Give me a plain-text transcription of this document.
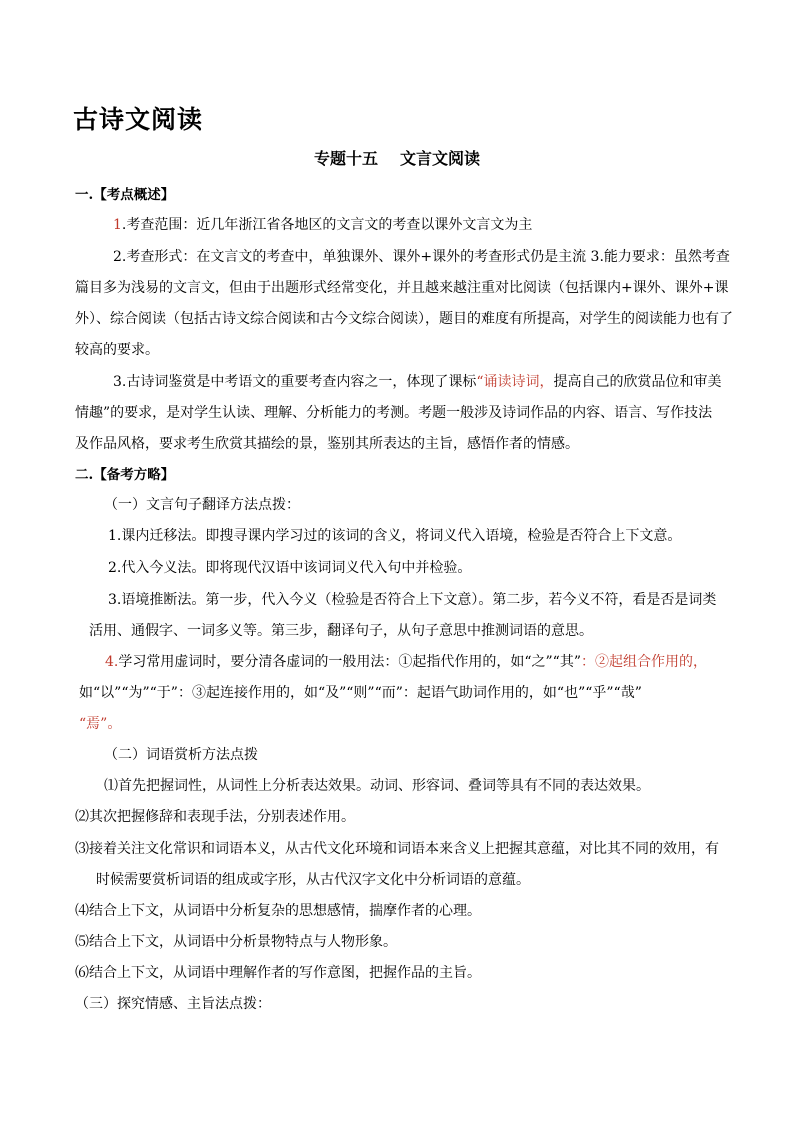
古诗文阅读
专题十五 文言文阅读
一.【考点概述】
1.考查范围：近几年浙江省各地区的文言文的考查以课外文言文为主
2.考查形式：在文言文的考查中，单独课外、课外+课外的考查形式仍是主流 3.能力要求：虽然考查
篇目多为浅易的文言文，但由于出题形式经常变化，并且越来越注重对比阅读（包括课内+课外、课外+课
外）、综合阅读（包括古诗文综合阅读和古今文综合阅读），题目的难度有所提高，对学生的阅读能力也有了
较高的要求。
3.古诗词鉴赏是中考语文的重要考查内容之一，体现了课标“诵读诗词，提高自己的欣赏品位和审美
情趣”的要求，是对学生认读、理解、分析能力的考测。考题一般涉及诗词作品的内容、语言、写作技法
及作品风格，要求考生欣赏其描绘的景，鉴别其所表达的主旨，感悟作者的情感。
二.【备考方略】
（一）文言句子翻译方法点拨：
1.课内迁移法。即搜寻课内学习过的该词的含义，将词义代入语境，检验是否符合上下文意。
2.代入今义法。即将现代汉语中该词词义代入句中并检验。
3.语境推断法。第一步，代入今义（检验是否符合上下文意）。第二步，若今义不符，看是否是词类
活用、通假字、一词多义等。第三步，翻译句子，从句子意思中推测词语的意思。
4.学习常用虚词时，要分清各虚词的一般用法：①起指代作用的，如“之”“其”：②起组合作用的，
如“以”“为”“于”：③起连接作用的，如“及”“则”“而”：起语气助词作用的，如“也”“乎”“哉”
“焉”。
（二）词语赏析方法点拨
⑴首先把握词性，从词性上分析表达效果。动词、形容词、叠词等具有不同的表达效果。
⑵其次把握修辞和表现手法，分别表述作用。
⑶接着关注文化常识和词语本义，从古代文化环境和词语本来含义上把握其意蕴，对比其不同的效用，有
时候需要赏析词语的组成或字形，从古代汉字文化中分析词语的意蕴。
⑷结合上下文，从词语中分析复杂的思想感情，揣摩作者的心理。
⑸结合上下文，从词语中分析景物特点与人物形象。
⑹结合上下文，从词语中理解作者的写作意图，把握作品的主旨。
（三）探究情感、主旨法点拨：
